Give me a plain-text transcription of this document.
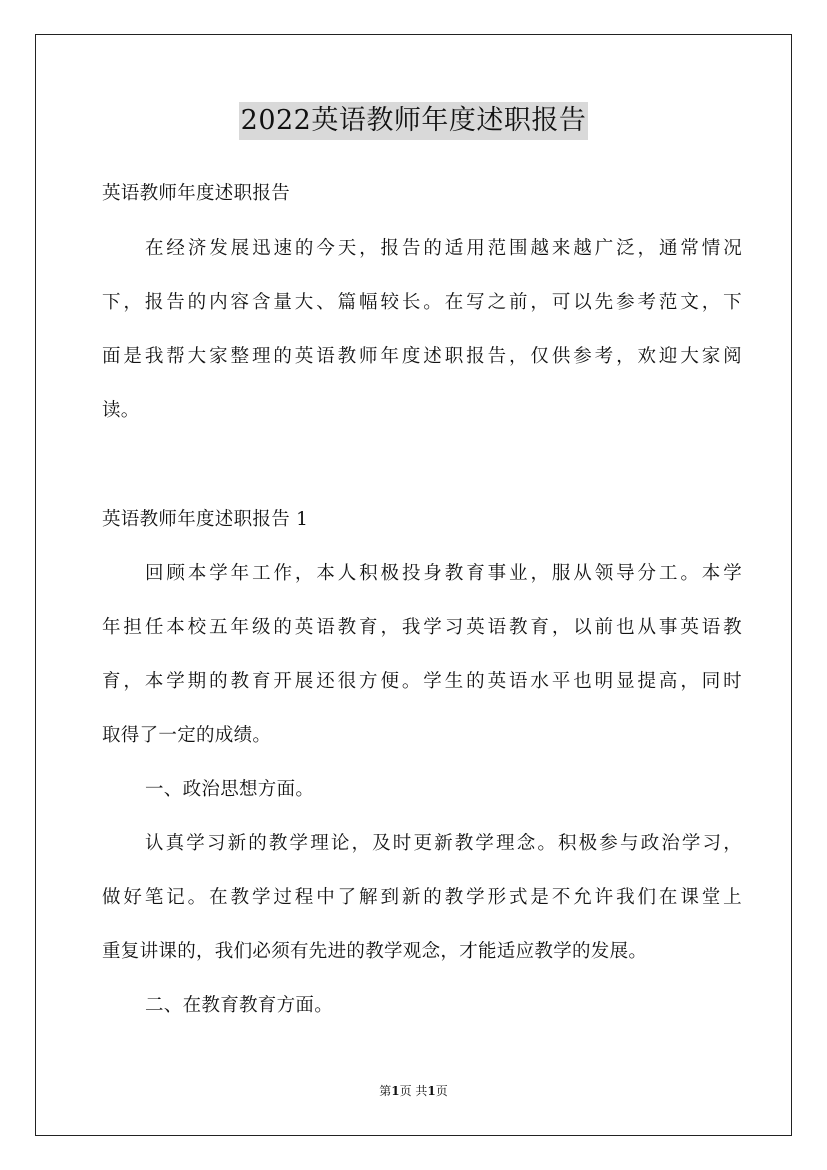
2022英语教师年度述职报告
英语教师年度述职报告
在经济发展迅速的今天，报告的适用范围越来越广泛，通常情况
下，报告的内容含量大、篇幅较长。在写之前，可以先参考范文，下
面是我帮大家整理的英语教师年度述职报告，仅供参考，欢迎大家阅
读。
英语教师年度述职报告 1
回顾本学年工作，本人积极投身教育事业，服从领导分工。本学
年担任本校五年级的英语教育，我学习英语教育，以前也从事英语教
育，本学期的教育开展还很方便。学生的英语水平也明显提高，同时
取得了一定的成绩。
一、政治思想方面。
认真学习新的教学理论，及时更新教学理念。积极参与政治学习，
做好笔记。在教学过程中了解到新的教学形式是不允许我们在课堂上
重复讲课的，我们必须有先进的教学观念，才能适应教学的发展。
二、在教育教育方面。
第1页 共1页
